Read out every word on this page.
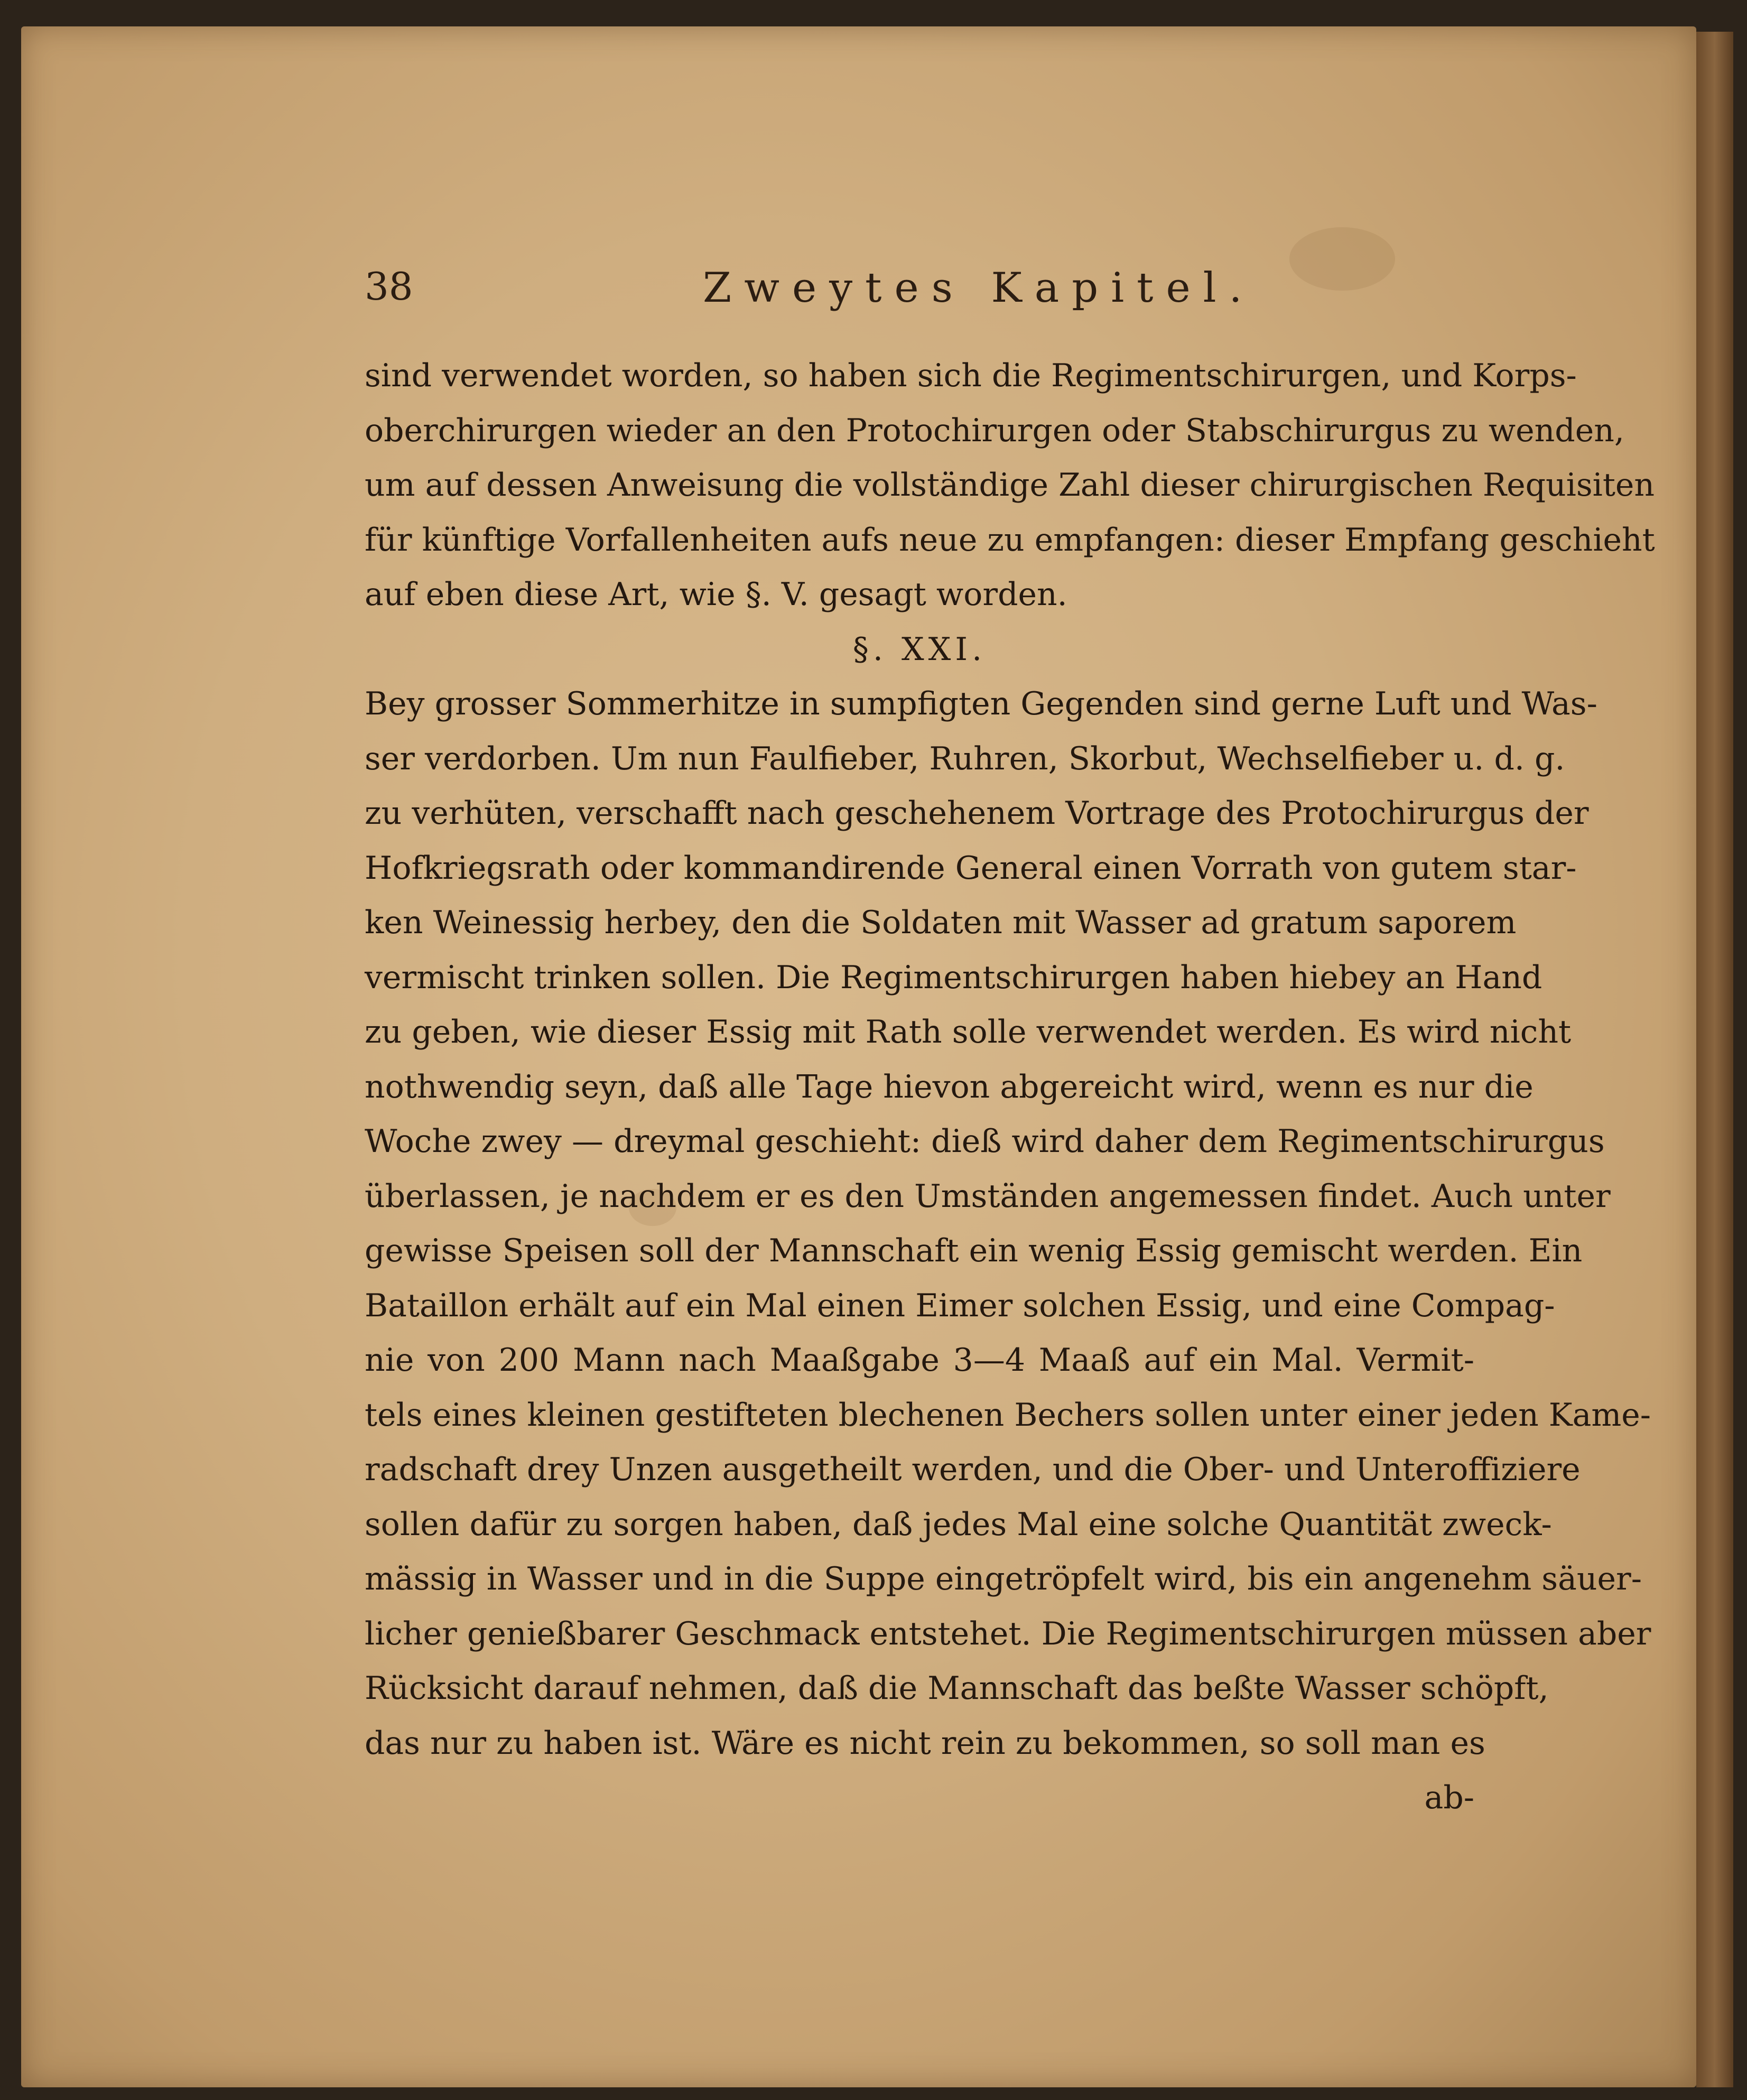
38	Zweytes Kapitel.
sind verwendet worden, so haben sich die Regimentschirurgen, und Korps-
oberchirurgen wieder an den Protochirurgen oder Stabschirurgus zu wenden,
um auf dessen Anweisung die vollständige Zahl dieser chirurgischen Requisiten
für künftige Vorfallenheiten aufs neue zu empfangen: dieser Empfang geschieht
auf eben diese Art, wie §. V. gesagt worden.
§. XXI.
Bey grosser Sommerhitze in sumpfigten Gegenden sind gerne Luft und Was-
ser verdorben. Um nun Faulfieber, Ruhren, Skorbut, Wechselfieber u. d. g.
zu verhüten, verschafft nach geschehenem Vortrage des Protochirurgus der
Hofkriegsrath oder kommandirende General einen Vorrath von gutem star-
ken Weinessig herbey, den die Soldaten mit Wasser ad gratum saporem
vermischt trinken sollen. Die Regimentschirurgen haben hiebey an Hand
zu geben, wie dieser Essig mit Rath solle verwendet werden. Es wird nicht
nothwendig seyn, daß alle Tage hievon abgereicht wird, wenn es nur die
Woche zwey — dreymal geschieht: dieß wird daher dem Regimentschirurgus
überlassen, je nachdem er es den Umständen angemessen findet. Auch unter
gewisse Speisen soll der Mannschaft ein wenig Essig gemischt werden. Ein
Bataillon erhält auf ein Mal einen Eimer solchen Essig, und eine Compag-
nie von 200 Mann nach Maaßgabe 3—4 Maaß auf ein Mal. Vermit-
tels eines kleinen gestifteten blechenen Bechers sollen unter einer jeden Kame-
radschaft drey Unzen ausgetheilt werden, und die Ober- und Unteroffiziere
sollen dafür zu sorgen haben, daß jedes Mal eine solche Quantität zweck-
mässig in Wasser und in die Suppe eingetröpfelt wird, bis ein angenehm säuer-
licher genießbarer Geschmack entstehet. Die Regimentschirurgen müssen aber
Rücksicht darauf nehmen, daß die Mannschaft das beßte Wasser schöpft,
das nur zu haben ist. Wäre es nicht rein zu bekommen, so soll man es
ab-
